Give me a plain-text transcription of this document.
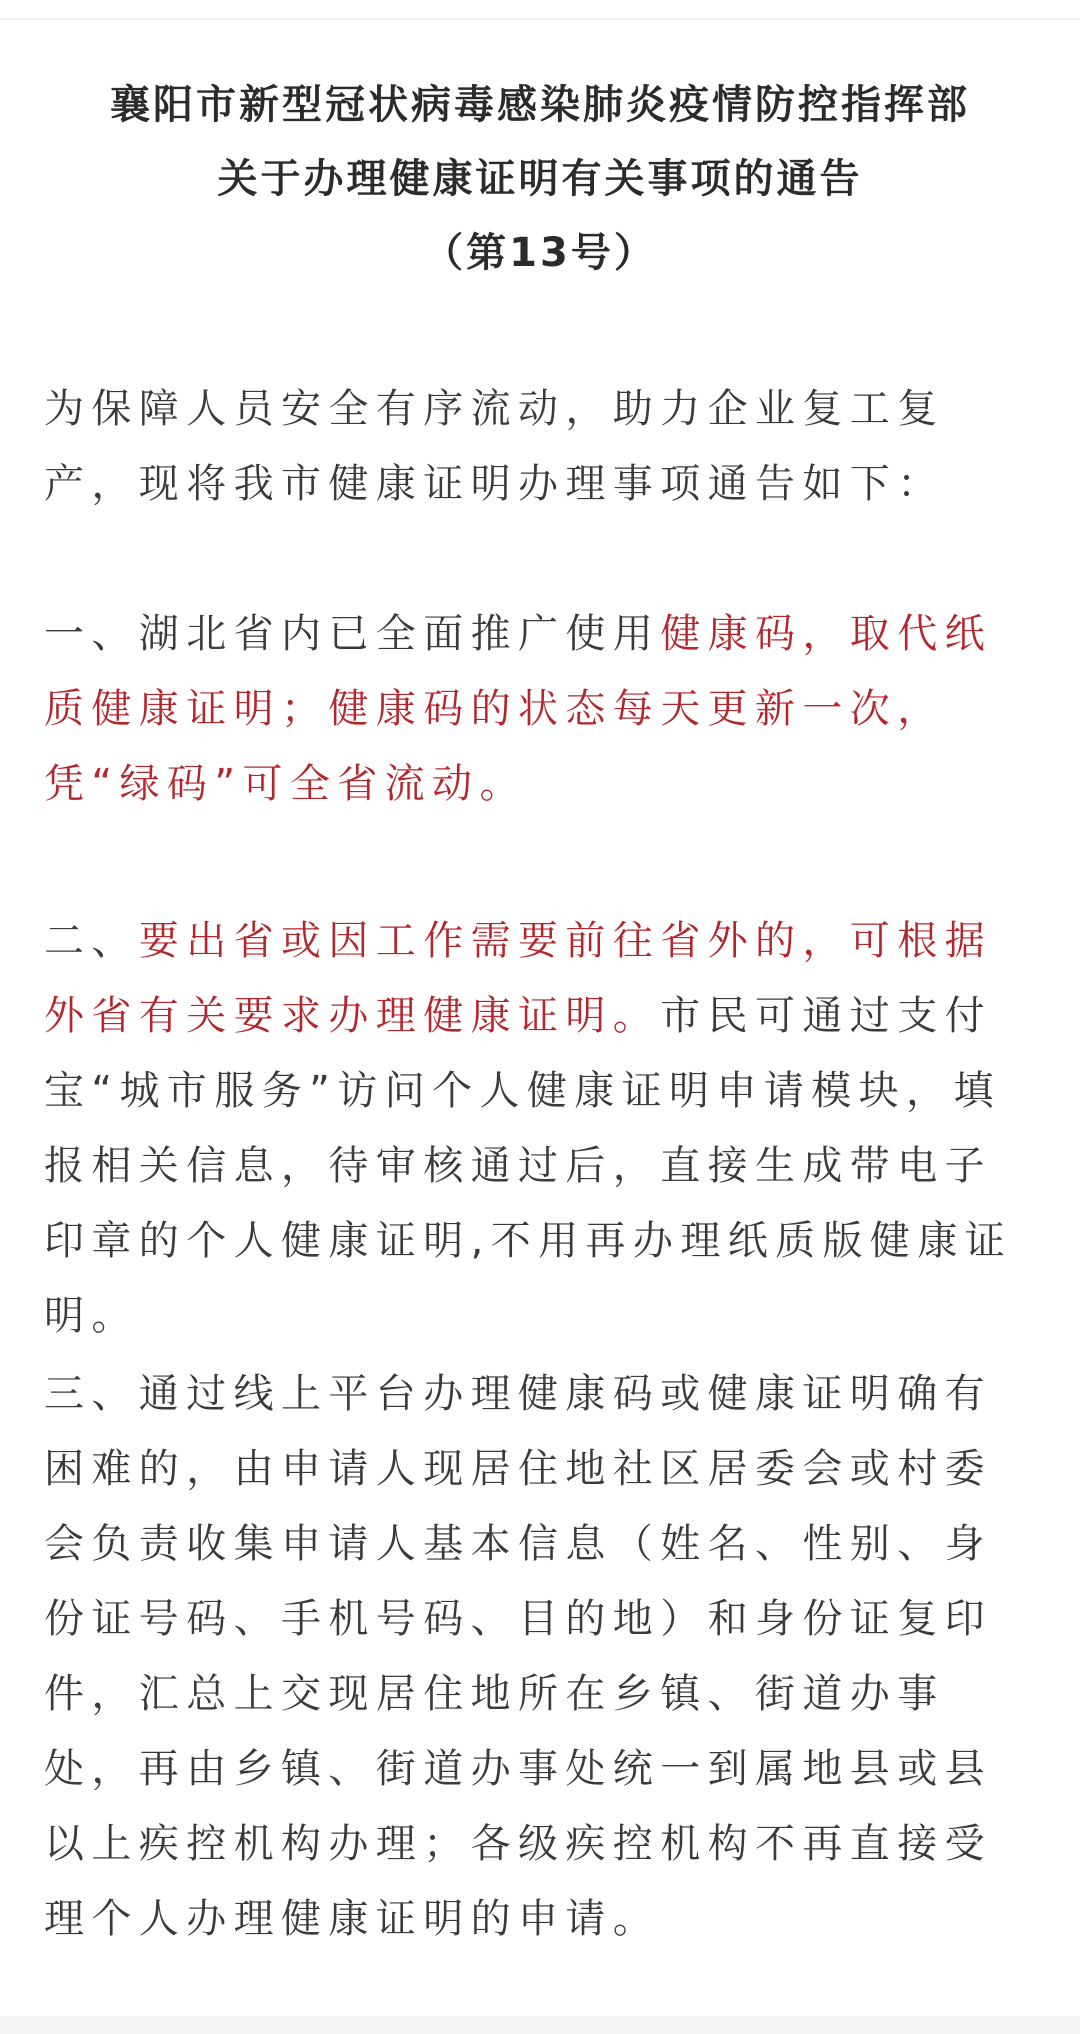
襄阳市新型冠状病毒感染肺炎疫情防控指挥部
关于办理健康证明有关事项的通告
（第13号）

为保障人员安全有序流动，助力企业复工复产，现将我市健康证明办理事项通告如下：

一、湖北省内已全面推广使用健康码，取代纸质健康证明；健康码的状态每天更新一次，凭“绿码”可全省流动。

二、要出省或因工作需要前往省外的，可根据外省有关要求办理健康证明。市民可通过支付宝“城市服务”访问个人健康证明申请模块，填报相关信息，待审核通过后，直接生成带电子印章的个人健康证明,不用再办理纸质版健康证明。

三、通过线上平台办理健康码或健康证明确有困难的，由申请人现居住地社区居委会或村委会负责收集申请人基本信息（姓名、性别、身份证号码、手机号码、目的地）和身份证复印件，汇总上交现居住地所在乡镇、街道办事处，再由乡镇、街道办事处统一到属地县或县以上疾控机构办理；各级疾控机构不再直接受理个人办理健康证明的申请。
